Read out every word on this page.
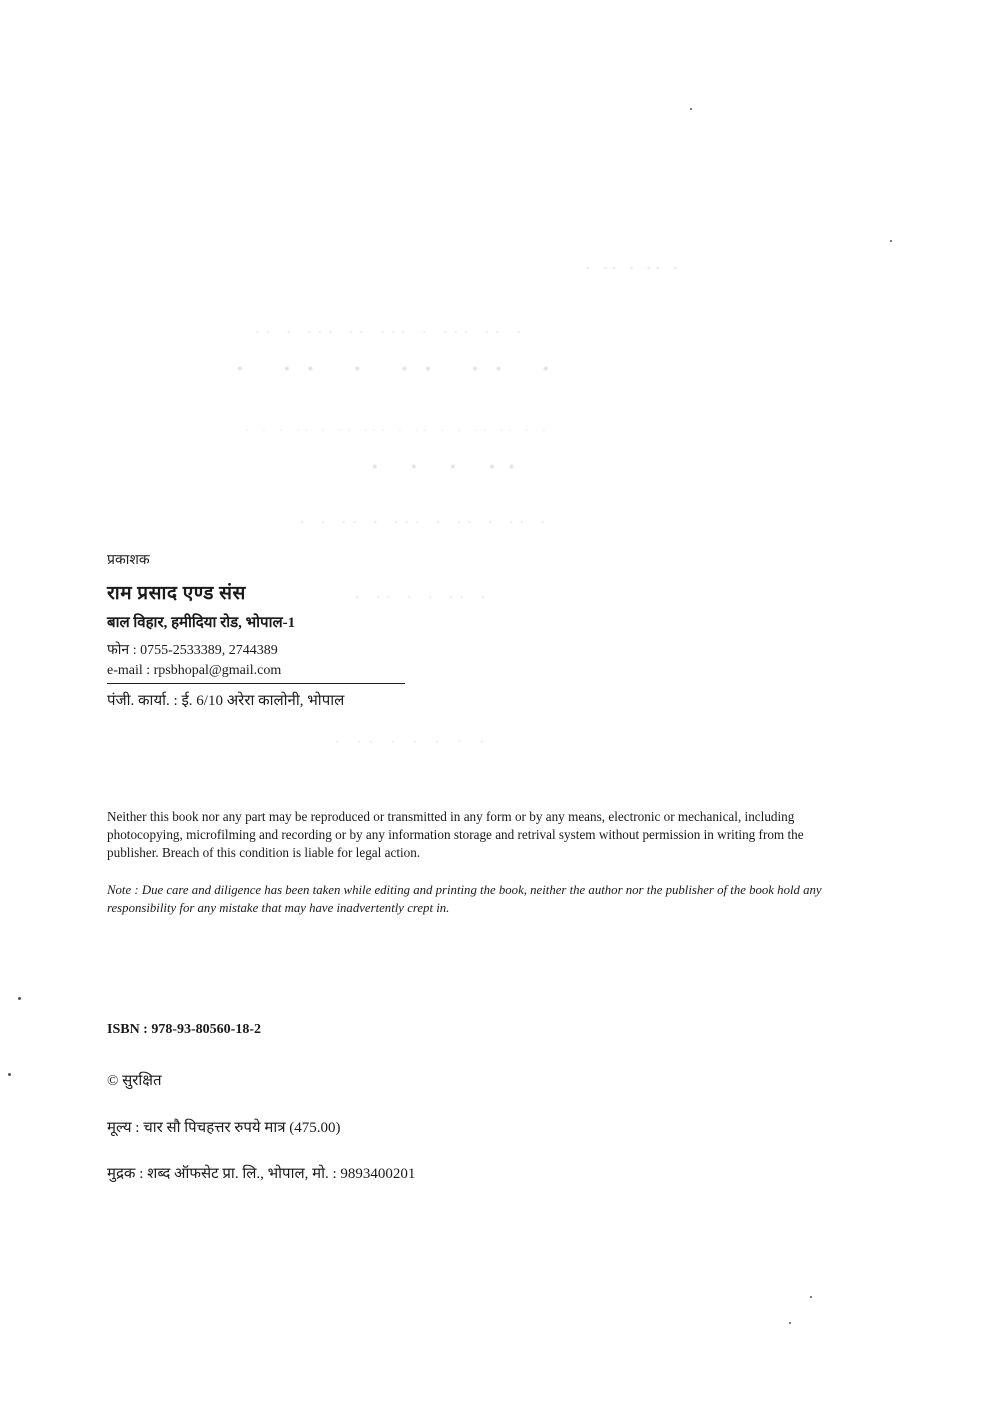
· ·· · ·· ·
·· · ··· ·· ··· · ··· ·· ·
· ·· · ·· ·· ·
· · · ·· · ·· ··· · ·· · · ·· ·· · ·
· · · ··
· · ·· · ··· · ·· · ·· ·
· ·· · · ·· ·
· ·· · · · · ·

प्रकाशक

राम प्रसाद एण्ड संस

बाल विहार, हमीदिया रोड, भोपाल-1

फोन : 0755-2533389, 2744389

e-mail : rpsbhopal@gmail.com

पंजी. कार्या. : ई. 6/10 अरेरा कालोनी, भोपाल

Neither this book nor any part may be reproduced or transmitted in any form or by any means, electronic or mechanical, including photocopying, microfilming and recording or by any information storage and retrival system without permission in writing from the publisher. Breach of this condition is liable for legal action.

Note : Due care and diligence has been taken while editing and printing the book, neither the author nor the publisher of the book hold any responsibility for any mistake that may have inadvertently crept in.

ISBN : 978-93-80560-18-2

© सुरक्षित

मूल्य : चार सौ पिचहत्तर रुपये मात्र (475.00)

मुद्रक : शब्द ऑफसेट प्रा. लि., भोपाल, मो. : 9893400201
